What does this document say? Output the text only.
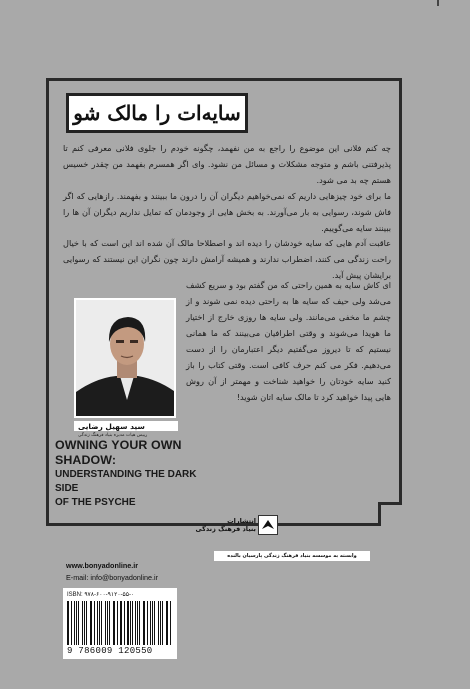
سایه‌ات را مالک شو
چه کنم فلانی این موضوع را راجع به من نفهمد، چگونه خودم را جلوی فلانی معرفی کنم تا پذیرفتنی باشم و متوجه مشکلات و مسائل من نشود. وای اگر همسرم بفهمد من چقدر خسیس هستم چه بد می شود.
ما برای خود چیزهایی داریم که نمی‌خواهیم دیگران آن را درون ما ببینند و بفهمند. رازهایی که اگر فاش شوند، رسوایی به بار می‌آورند. به بخش هایی از وجودمان که تمایل نداریم دیگران آن ها را ببینند سایه می‌گوییم.
عاقبت آدم هایی که سایه خودشان را دیده اند و اصطلاحا مالک آن شده اند این است که با خیال راحت زندگی می کنند، اضطراب ندارند و همیشه آرامش دارند چون نگران این نیستند که رسوایی برایشان پیش آید.
ای کاش سایه به همین راحتی که من گفتم بود و سریع کشف می‌شد ولی حیف که سایه ها به راحتی دیده نمی شوند و از چشم ما مخفی می‌مانند. ولی سایه ها روزی خارج از اختیار ما هویدا می‌شوند و وقتی اطرافیان می‌بینند که ما همانی نیستیم که تا دیروز می‌گفتیم دیگر اعتبارمان را از دست می‌دهیم. فکر می کنم حرف کافی است. وقتی کتاب را باز کنید سایه خودتان را خواهید شناخت و مهمتر از آن روش هایی پیدا خواهید کرد تا مالک سایه اتان شوید!
سید سهیل رضایی
رییس هیات مدیره بنیاد فرهنگ زندگی
OWNING YOUR OWN SHADOW:
UNDERSTANDING THE DARK SIDE
OF THE PSYCHE
انتشارات
بنیاد فرهنگ زندگی
وابسته به موسسه بنیاد فرهنگ زندگی پارسیان بالنده
www.bonyadonline.ir
E-mail: info@bonyadonline.ir
ISBN: ۹۷۸-۶۰۰-۹۱۲۰-۵۵-۰
9 786009 120550
